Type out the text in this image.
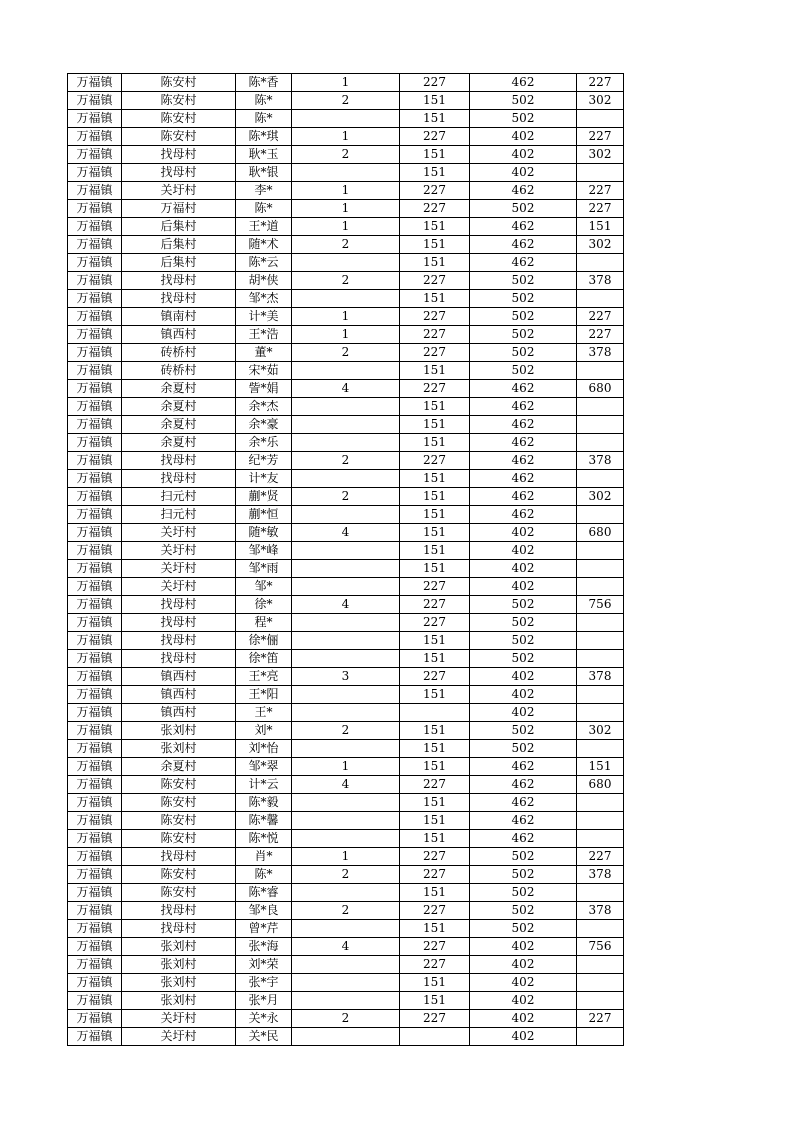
万福镇	陈安村	陈*香	1	227	462	227
万福镇	陈安村	陈*	2	151	502	302
万福镇	陈安村	陈*		151	502	
万福镇	陈安村	陈*琪	1	227	402	227
万福镇	找母村	耿*玉	2	151	402	302
万福镇	找母村	耿*银		151	402	
万福镇	关圩村	李*	1	227	462	227
万福镇	万福村	陈*	1	227	502	227
万福镇	后集村	王*道	1	151	462	151
万福镇	后集村	随*术	2	151	462	302
万福镇	后集村	陈*云		151	462	
万福镇	找母村	胡*侠	2	227	502	378
万福镇	找母村	邹*杰		151	502	
万福镇	镇南村	计*美	1	227	502	227
万福镇	镇西村	王*浩	1	227	502	227
万福镇	砖桥村	董*	2	227	502	378
万福镇	砖桥村	宋*茹		151	502	
万福镇	余夏村	訾*娟	4	227	462	680
万福镇	余夏村	余*杰		151	462	
万福镇	余夏村	余*豪		151	462	
万福镇	余夏村	余*乐		151	462	
万福镇	找母村	纪*芳	2	227	462	378
万福镇	找母村	计*友		151	462	
万福镇	扫元村	蒯*贤	2	151	462	302
万福镇	扫元村	蒯*恒		151	462	
万福镇	关圩村	随*敏	4	151	402	680
万福镇	关圩村	邹*峰		151	402	
万福镇	关圩村	邹*雨		151	402	
万福镇	关圩村	邹*		227	402	
万福镇	找母村	徐*	4	227	502	756
万福镇	找母村	程*		227	502	
万福镇	找母村	徐*俪		151	502	
万福镇	找母村	徐*笛		151	502	
万福镇	镇西村	王*亮	3	227	402	378
万福镇	镇西村	王*阳		151	402	
万福镇	镇西村	王*			402	
万福镇	张刘村	刘*	2	151	502	302
万福镇	张刘村	刘*怡		151	502	
万福镇	余夏村	邹*翠	1	151	462	151
万福镇	陈安村	计*云	4	227	462	680
万福镇	陈安村	陈*毅		151	462	
万福镇	陈安村	陈*馨		151	462	
万福镇	陈安村	陈*悦		151	462	
万福镇	找母村	肖*	1	227	502	227
万福镇	陈安村	陈*	2	227	502	378
万福镇	陈安村	陈*睿		151	502	
万福镇	找母村	邹*良	2	227	502	378
万福镇	找母村	曾*芹		151	502	
万福镇	张刘村	张*海	4	227	402	756
万福镇	张刘村	刘*荣		227	402	
万福镇	张刘村	张*宇		151	402	
万福镇	张刘村	张*月		151	402	
万福镇	关圩村	关*永	2	227	402	227
万福镇	关圩村	关*民			402	
